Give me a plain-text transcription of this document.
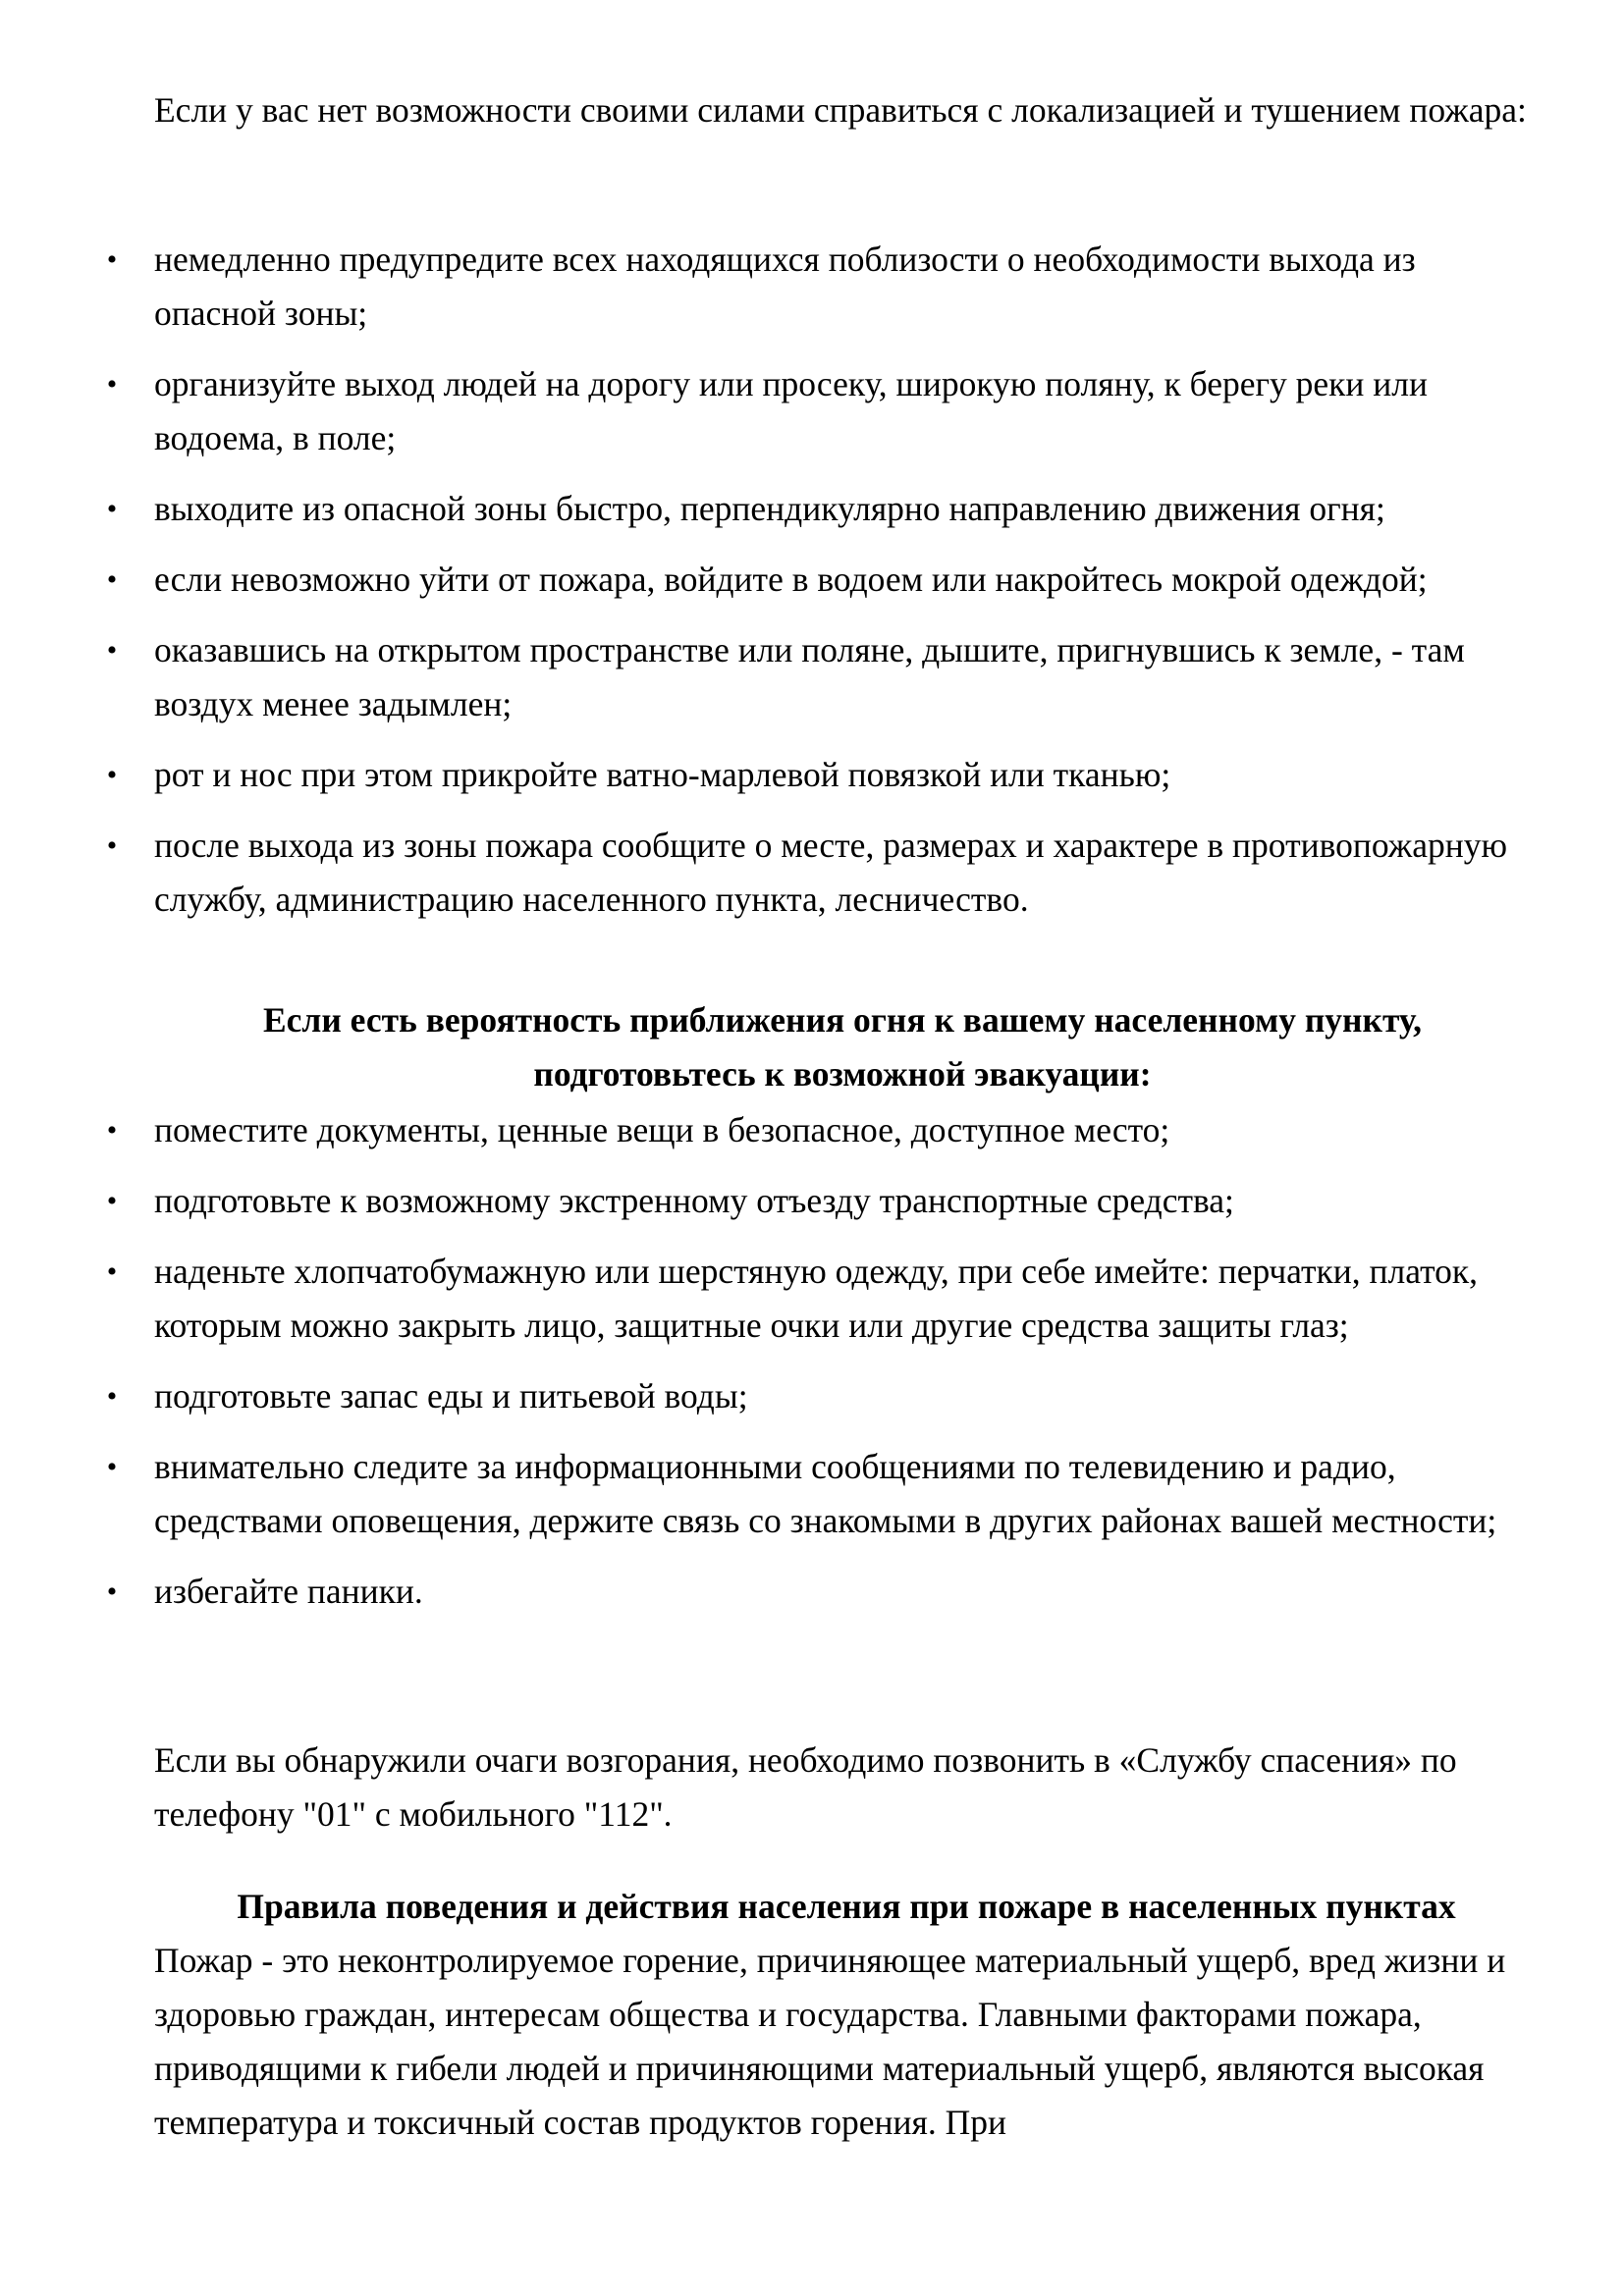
Если у вас нет возможности своими силами справиться с локализацией и тушением пожара:

• немедленно предупредите всех находящихся поблизости о необходимости выхода из опасной зоны;
• организуйте выход людей на дорогу или просеку, широкую поляну, к берегу реки или водоема, в поле;
• выходите из опасной зоны быстро, перпендикулярно направлению движения огня;
• если невозможно уйти от пожара, войдите в водоем или накройтесь мокрой одеждой;
• оказавшись на открытом пространстве или поляне, дышите, пригнувшись к земле, - там воздух менее задымлен;
• рот и нос при этом прикройте ватно-марлевой повязкой или тканью;
• после выхода из зоны пожара сообщите о месте, размерах и характере в противопожарную службу, администрацию населенного пункта, лесничество.
Если есть вероятность приближения огня к вашему населенному пункту, подготовьтесь к возможной эвакуации:
• поместите документы, ценные вещи в безопасное, доступное место;
• подготовьте к возможному экстренному отъезду транспортные средства;
• наденьте хлопчатобумажную или шерстяную одежду, при себе имейте: перчатки, платок, которым можно закрыть лицо, защитные очки или другие средства защиты глаз;
• подготовьте запас еды и питьевой воды;
• внимательно следите за информационными сообщениями по телевидению и радио, средствами оповещения, держите связь со знакомыми в других районах вашей местности;
• избегайте паники.

Если вы обнаружили очаги возгорания, необходимо позвонить в «Службу спасения» по телефону "01" с мобильного "112".

Правила поведения и действия населения при пожаре в населенных пунктах

Пожар - это неконтролируемое горение, причиняющее материальный ущерб, вред жизни и здоровью граждан, интересам общества и государства. Главными факторами пожара, приводящими к гибели людей и причиняющими материальный ущерб, являются высокая температура и токсичный состав продуктов горения. При
